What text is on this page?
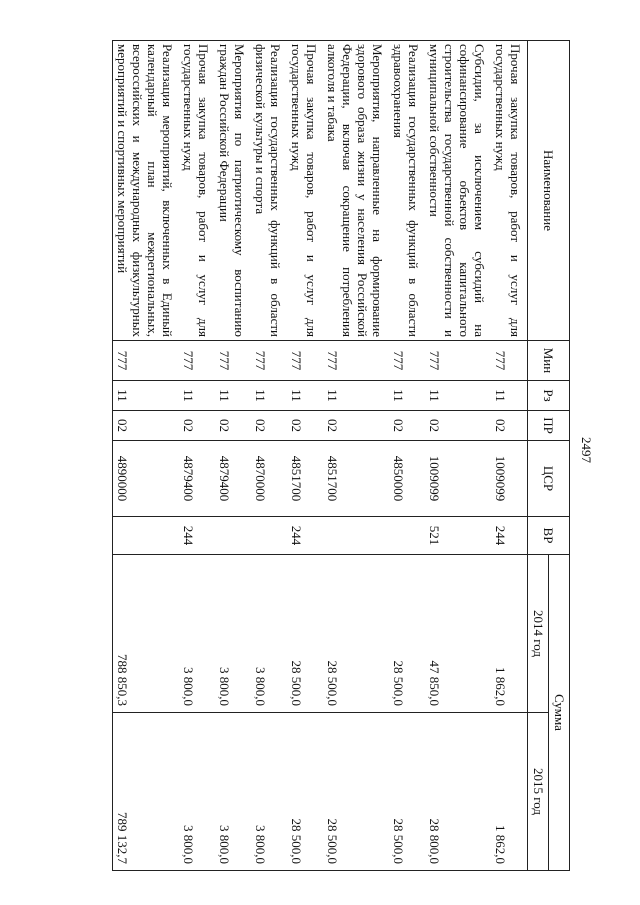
2497
Наименование	Мин	Рз	ПР	ЦСР	ВР	Сумма	
						2014 год	2015 год
Прочая закупка товаров, работ и услуг для государственных нужд	777	11	02	1009099	244	1 862,0	1 862,0
Субсидии, за исключением субсидий на софинансирование объектов капитального строительства государственной собственности и муниципальной собственности	777	11	02	1009099	521	47 850,0	28 800,0
Реализация государственных функций в области здравоохранения	777	11	02	4850000		28 500,0	28 500,0
Мероприятия, направленные на формирование здорового образа жизни у населения Российской Федерации, включая сокращение потребления алкоголя и табака	777	11	02	4851700		28 500,0	28 500,0
Прочая закупка товаров, работ и услуг для государственных нужд	777	11	02	4851700	244	28 500,0	28 500,0
Реализация государственных функций в области физической культуры и спорта	777	11	02	4870000		3 800,0	3 800,0
Мероприятия по патриотическому воспитанию граждан Российской Федерации	777	11	02	4879400		3 800,0	3 800,0
Прочая закупка товаров, работ и услуг для государственных нужд	777	11	02	4879400	244	3 800,0	3 800,0
Реализация мероприятий, включенных в Единый календарный план межрегиональных, всероссийских и международных физкультурных мероприятий и спортивных мероприятий	777	11	02	4890000		788 850,3	789 132,7
